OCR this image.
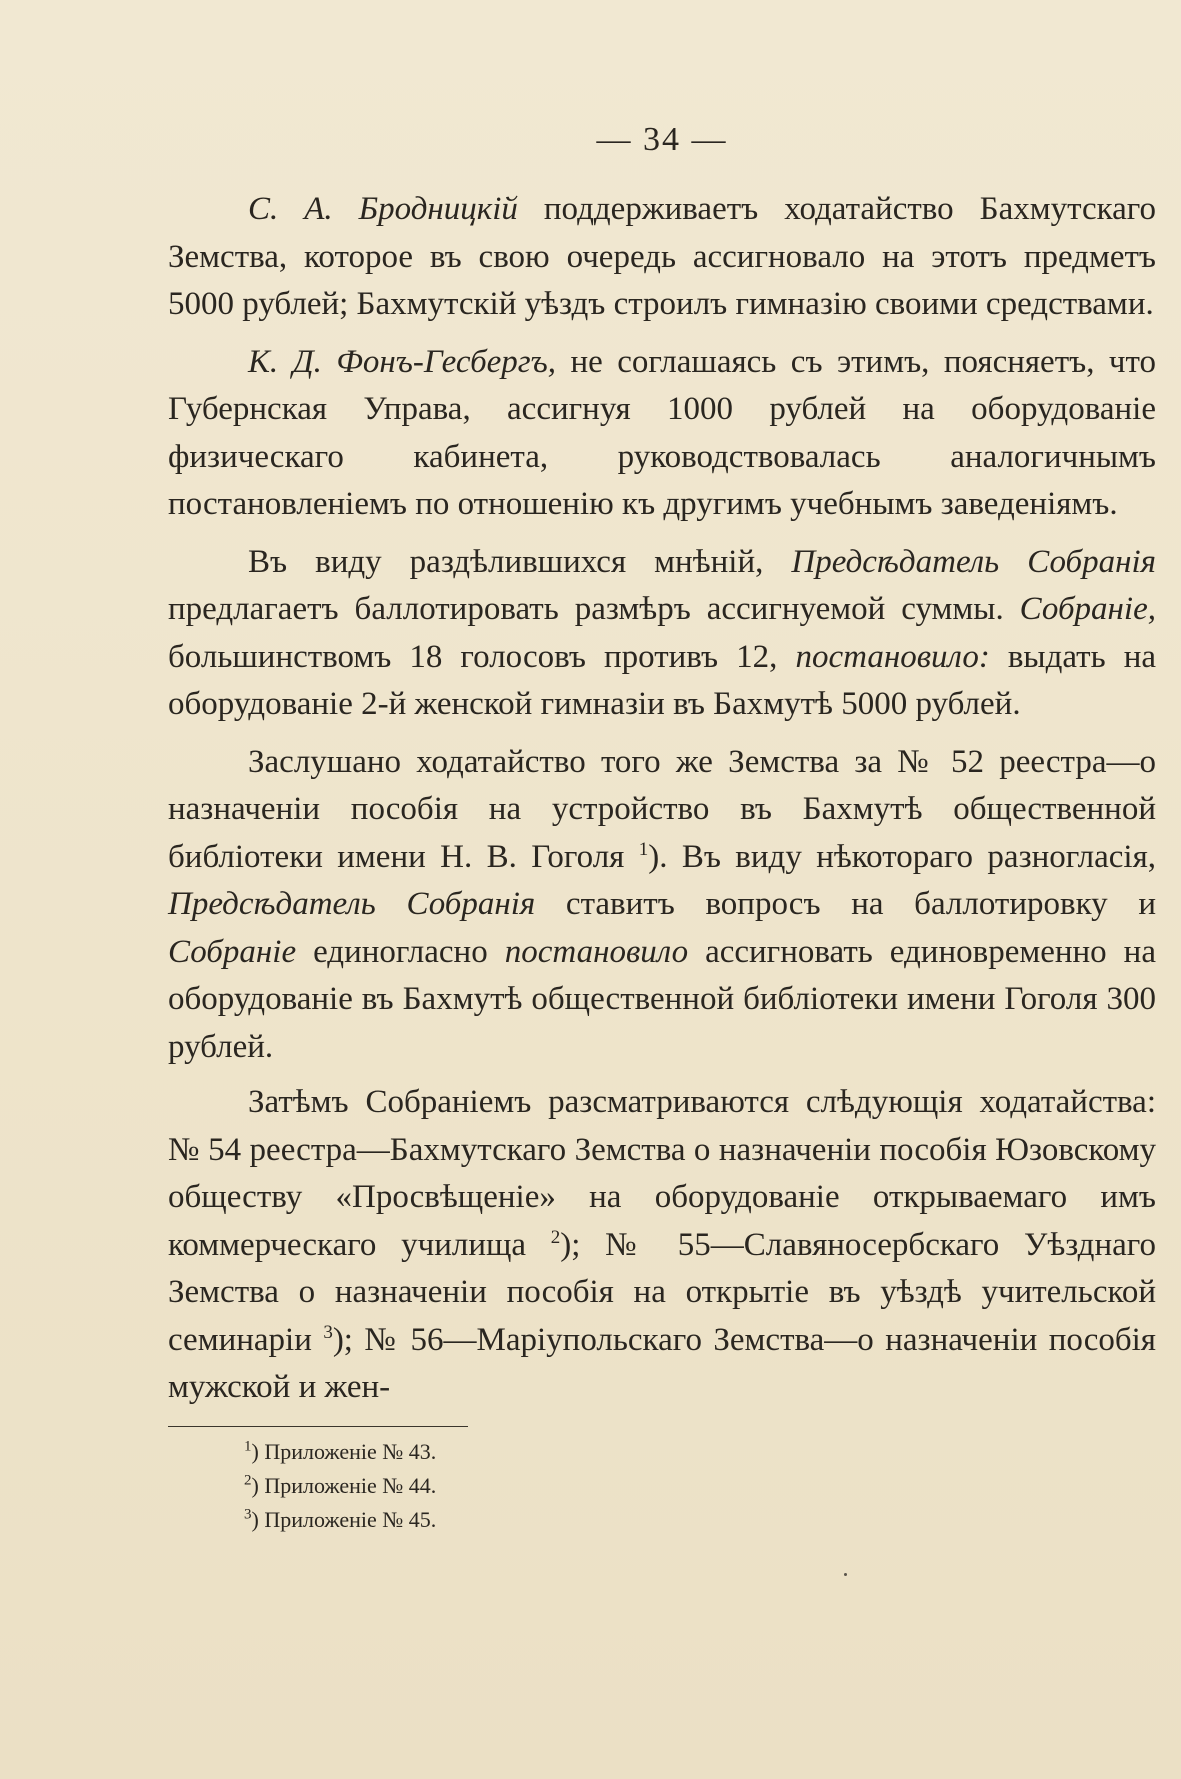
— 34 —

С. А. Бродницкій поддерживаетъ ходатайство Бахмутскаго Земства, которое въ свою очередь ассигновало на этотъ предметъ 5000 рублей; Бахмутскій уѣздъ строилъ гимназію своими средствами.

К. Д. Фонъ-Гесбергъ, не соглашаясь съ этимъ, поясняетъ, что Губернская Управа, ассигнуя 1000 рублей на оборудованіе физическаго кабинета, руководствовалась аналогичнымъ постановленіемъ по отношенію къ другимъ учебнымъ заведеніямъ.

Въ виду раздѣлившихся мнѣній, Предсѣдатель Собранія предлагаетъ баллотировать размѣръ ассигнуемой суммы. Собраніе, большинствомъ 18 голосовъ противъ 12, постановило: выдать на оборудованіе 2-й женской гимназіи въ Бахмутѣ 5000 рублей.

Заслушано ходатайство того же Земства за № 52 реестра—о назначеніи пособія на устройство въ Бахмутѣ общественной библіотеки имени Н. В. Гоголя $^1$). Въ виду нѣкотораго разногласія, Предсѣдатель Собранія ставитъ вопросъ на баллотировку и Собраніе единогласно постановило ассигновать единовременно на оборудованіе въ Бахмутѣ общественной библіотеки имени Гоголя 300 рублей.

Затѣмъ Собраніемъ разсматриваются слѣдующія ходатайства: № 54 реестра—Бахмутскаго Земства о назначеніи пособія Юзовскому обществу «Просвѣщеніе» на оборудованіе открываемаго имъ коммерческаго училища $^2$); № 55—Славяносербскаго Уѣзднаго Земства о назначеніи пособія на открытіе въ уѣздѣ учительской семинаріи $^3$); № 56—Маріупольскаго Земства—о назначеніи пособія мужской и жен-

$^1$) Приложеніе № 43.
$^2$) Приложеніе № 44.
$^3$) Приложеніе № 45.
